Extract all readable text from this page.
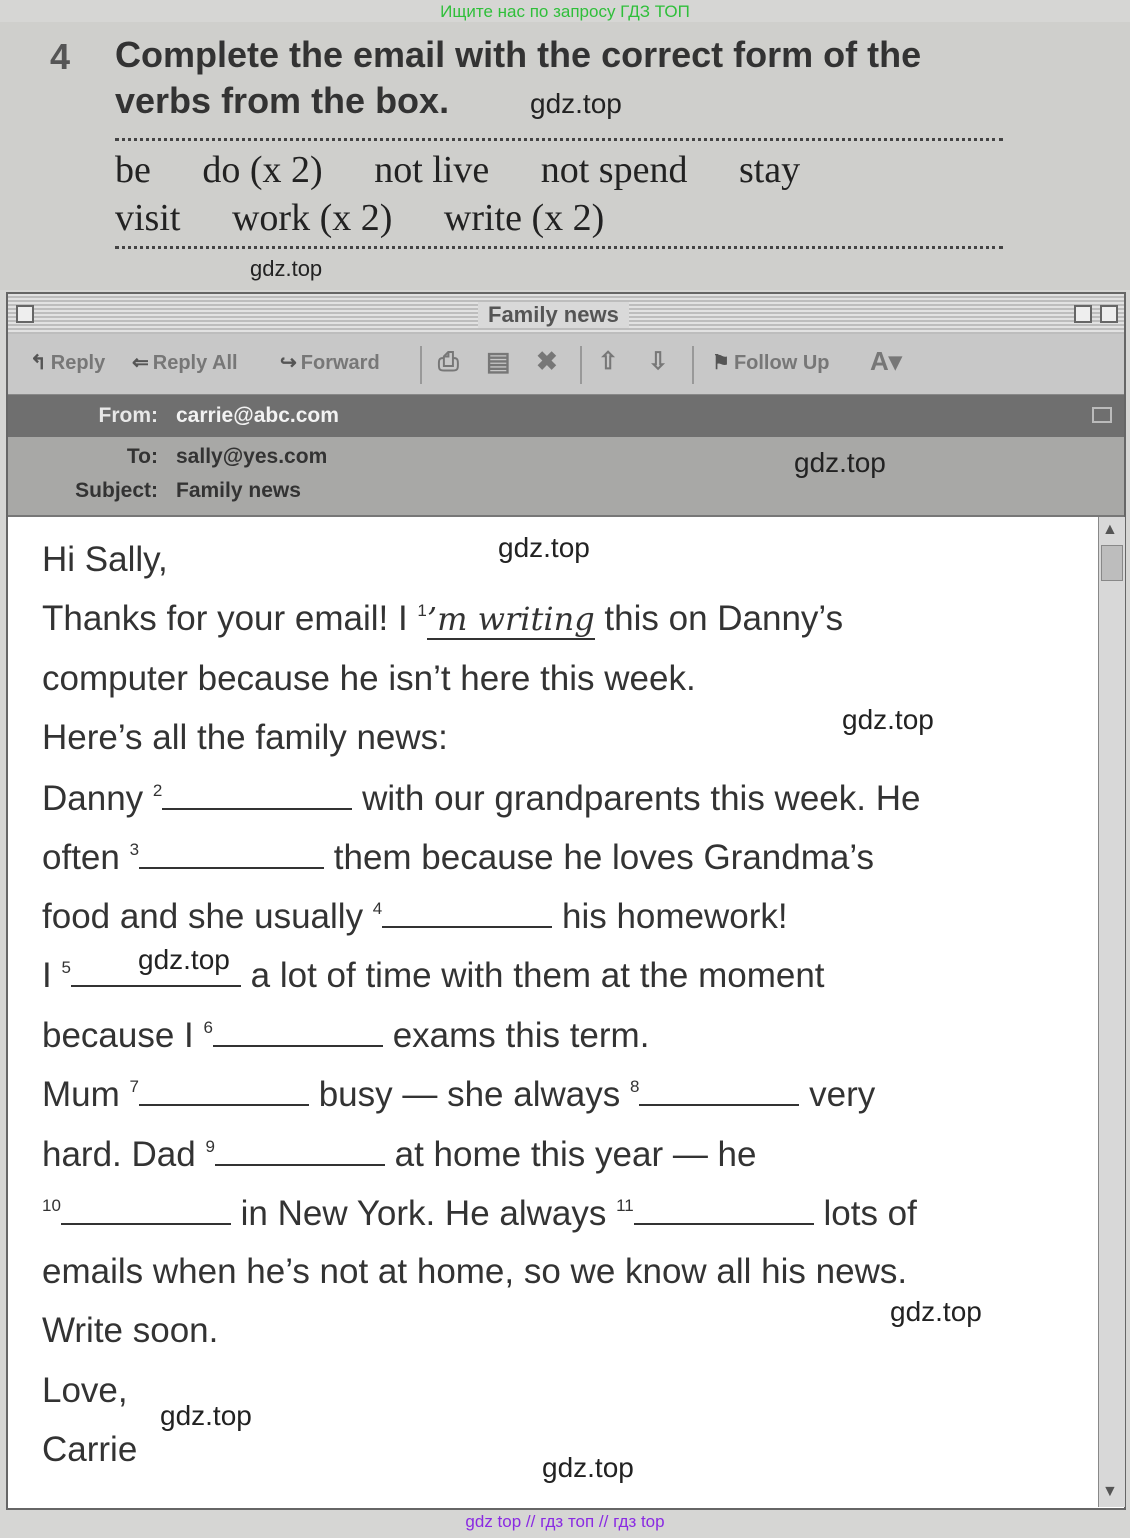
Ищите нас по запросу ГДЗ ТОП
4 Complete the email with the correct form of the
verbs from the box.	gdz.top
be do (x 2) not live not spend stay
visit work (x 2) write (x 2)
gdz.top
Family news
↰ Reply ⇐ Reply All ↪ Forward ⎙ ▤ ✖ ⇧ ⇩ ⚑ Follow Up A▾
From: carrie@abc.com
To: sally@yes.com
Subject: Family news
gdz.top
▲
▼
Hi Sally,	gdz.top
Thanks for your email! I $^1$’m writing this on Danny’s
computer because he isn’t here this week.
gdz.top
Here’s all the family news:
Danny $^2$	with our grandparents this week. He
often $^3$	them because he loves Grandma’s
food and she usually $^4$	his homework!
I $^5$	a lot of time with them at the moment
gdz.top
because I $^6$	exams this term.
Mum $^7$	busy — she always $^8$	very
hard. Dad $^9$	at home this year — he
$^{10}$	in New York. He always $^{11}$	lots of
emails when he’s not at home, so we know all his news.
gdz.top
Write soon.
Love,
gdz.top
Carrie	gdz.top
gdz top // гдз топ // гдз top
